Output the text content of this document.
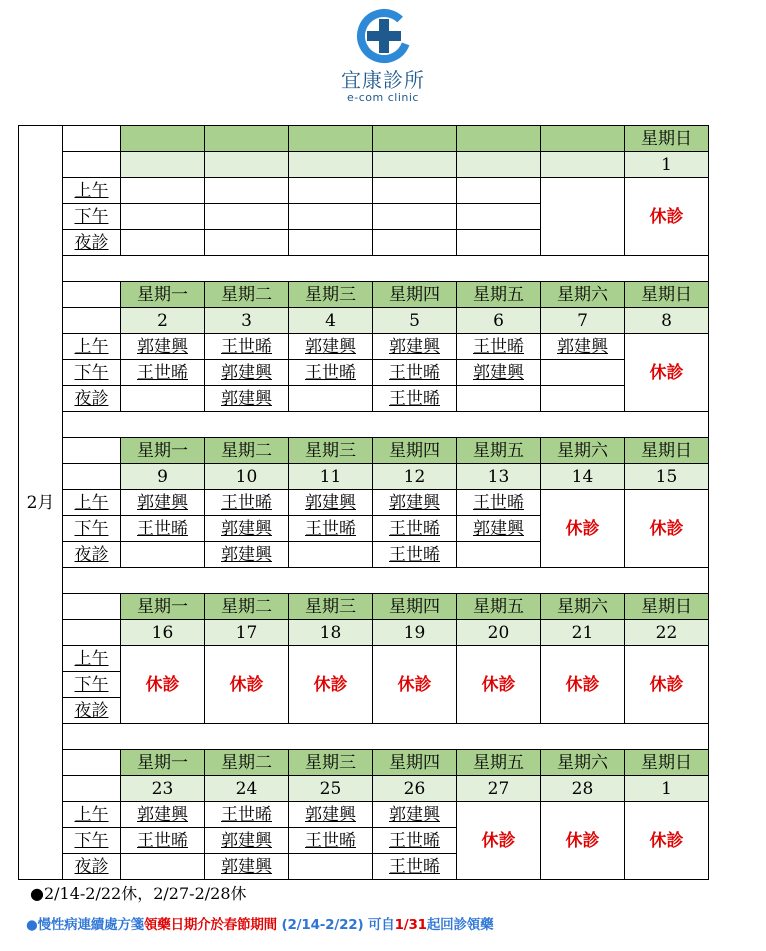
宜康診所
e-com clinic
2月								星期日
								1
	上午							休診
	下午							
	夜診							

		星期一	星期二	星期三	星期四	星期五	星期六	星期日
		2	3	4	5	6	7	8
	上午	郭建興	王世晞	郭建興	郭建興	王世晞	郭建興	休診
	下午	王世晞	郭建興	王世晞	王世晞	郭建興		
	夜診		郭建興		王世晞			

		星期一	星期二	星期三	星期四	星期五	星期六	星期日
		9	10	11	12	13	14	15
	上午	郭建興	王世晞	郭建興	郭建興	王世晞	休診	休診
	下午	王世晞	郭建興	王世晞	王世晞	郭建興		
	夜診		郭建興		王世晞			

		星期一	星期二	星期三	星期四	星期五	星期六	星期日
		16	17	18	19	20	21	22
	上午	休診	休診	休診	休診	休診	休診	休診
	下午							
	夜診							

		星期一	星期二	星期三	星期四	星期五	星期六	星期日
		23	24	25	26	27	28	1
	上午	郭建興	王世晞	郭建興	郭建興	休診	休診	休診
	下午	王世晞	郭建興	王世晞	王世晞			
	夜診		郭建興		王世晞			
●2/14-2/22休，2/27-2/28休
●慢性病連續處方箋領藥日期介於春節期間 (2/14-2/22) 可自1/31起回診領藥
